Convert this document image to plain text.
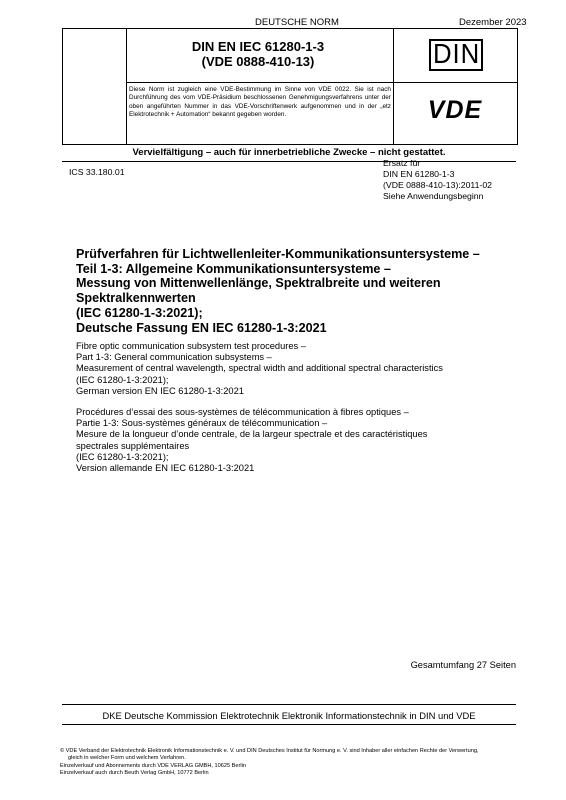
DEUTSCHE NORM	Dezember 2023
DIN EN IEC 61280-1-3
(VDE 0888-410-13)
Diese Norm ist zugleich eine VDE-Bestimmung im Sinne von VDE 0022. Sie ist nach Durchführung des vom VDE-Präsidium beschlossenen Genehmigungsverfahrens unter der oben angeführten Nummer in das VDE-Vorschriftenwerk aufgenommen und in der „etz Elektrotechnik + Automation“ bekannt gegeben worden.
DIN
VDE
Vervielfältigung – auch für innerbetriebliche Zwecke – nicht gestattet.
ICS 33.180.01
Ersatz für
DIN EN 61280-1-3
(VDE 0888-410-13):2011-02
Siehe Anwendungsbeginn
Prüfverfahren für Lichtwellenleiter-Kommunikationsuntersysteme –
Teil 1-3: Allgemeine Kommunikationsuntersysteme –
Messung von Mittenwellenlänge, Spektralbreite und weiteren
Spektralkennwerten
(IEC 61280-1-3:2021);
Deutsche Fassung EN IEC 61280-1-3:2021
Fibre optic communication subsystem test procedures –
Part 1-3: General communication subsystems –
Measurement of central wavelength, spectral width and additional spectral characteristics
(IEC 61280-1-3:2021);
German version EN IEC 61280-1-3:2021
Procédures d’essai des sous-systèmes de télécommunication à fibres optiques –
Partie 1-3: Sous-systèmes généraux de télécommunication –
Mesure de la longueur d’onde centrale, de la largeur spectrale et des caractéristiques
spectrales supplémentaires
(IEC 61280-1-3:2021);
Version allemande EN IEC 61280-1-3:2021
Gesamtumfang 27 Seiten
DKE Deutsche Kommission Elektrotechnik Elektronik Informationstechnik in DIN und VDE
© VDE Verband der Elektrotechnik Elektronik Informationstechnik e. V. und DIN Deutsches Institut für Normung e. V. sind Inhaber aller einfachen Rechte der Verwertung,
gleich in welcher Form und welchem Verfahren.
Einzelverkauf und Abonnements durch VDE VERLAG GMBH, 10625 Berlin
Einzelverkauf auch durch Beuth Verlag GmbH, 10772 Berlin
